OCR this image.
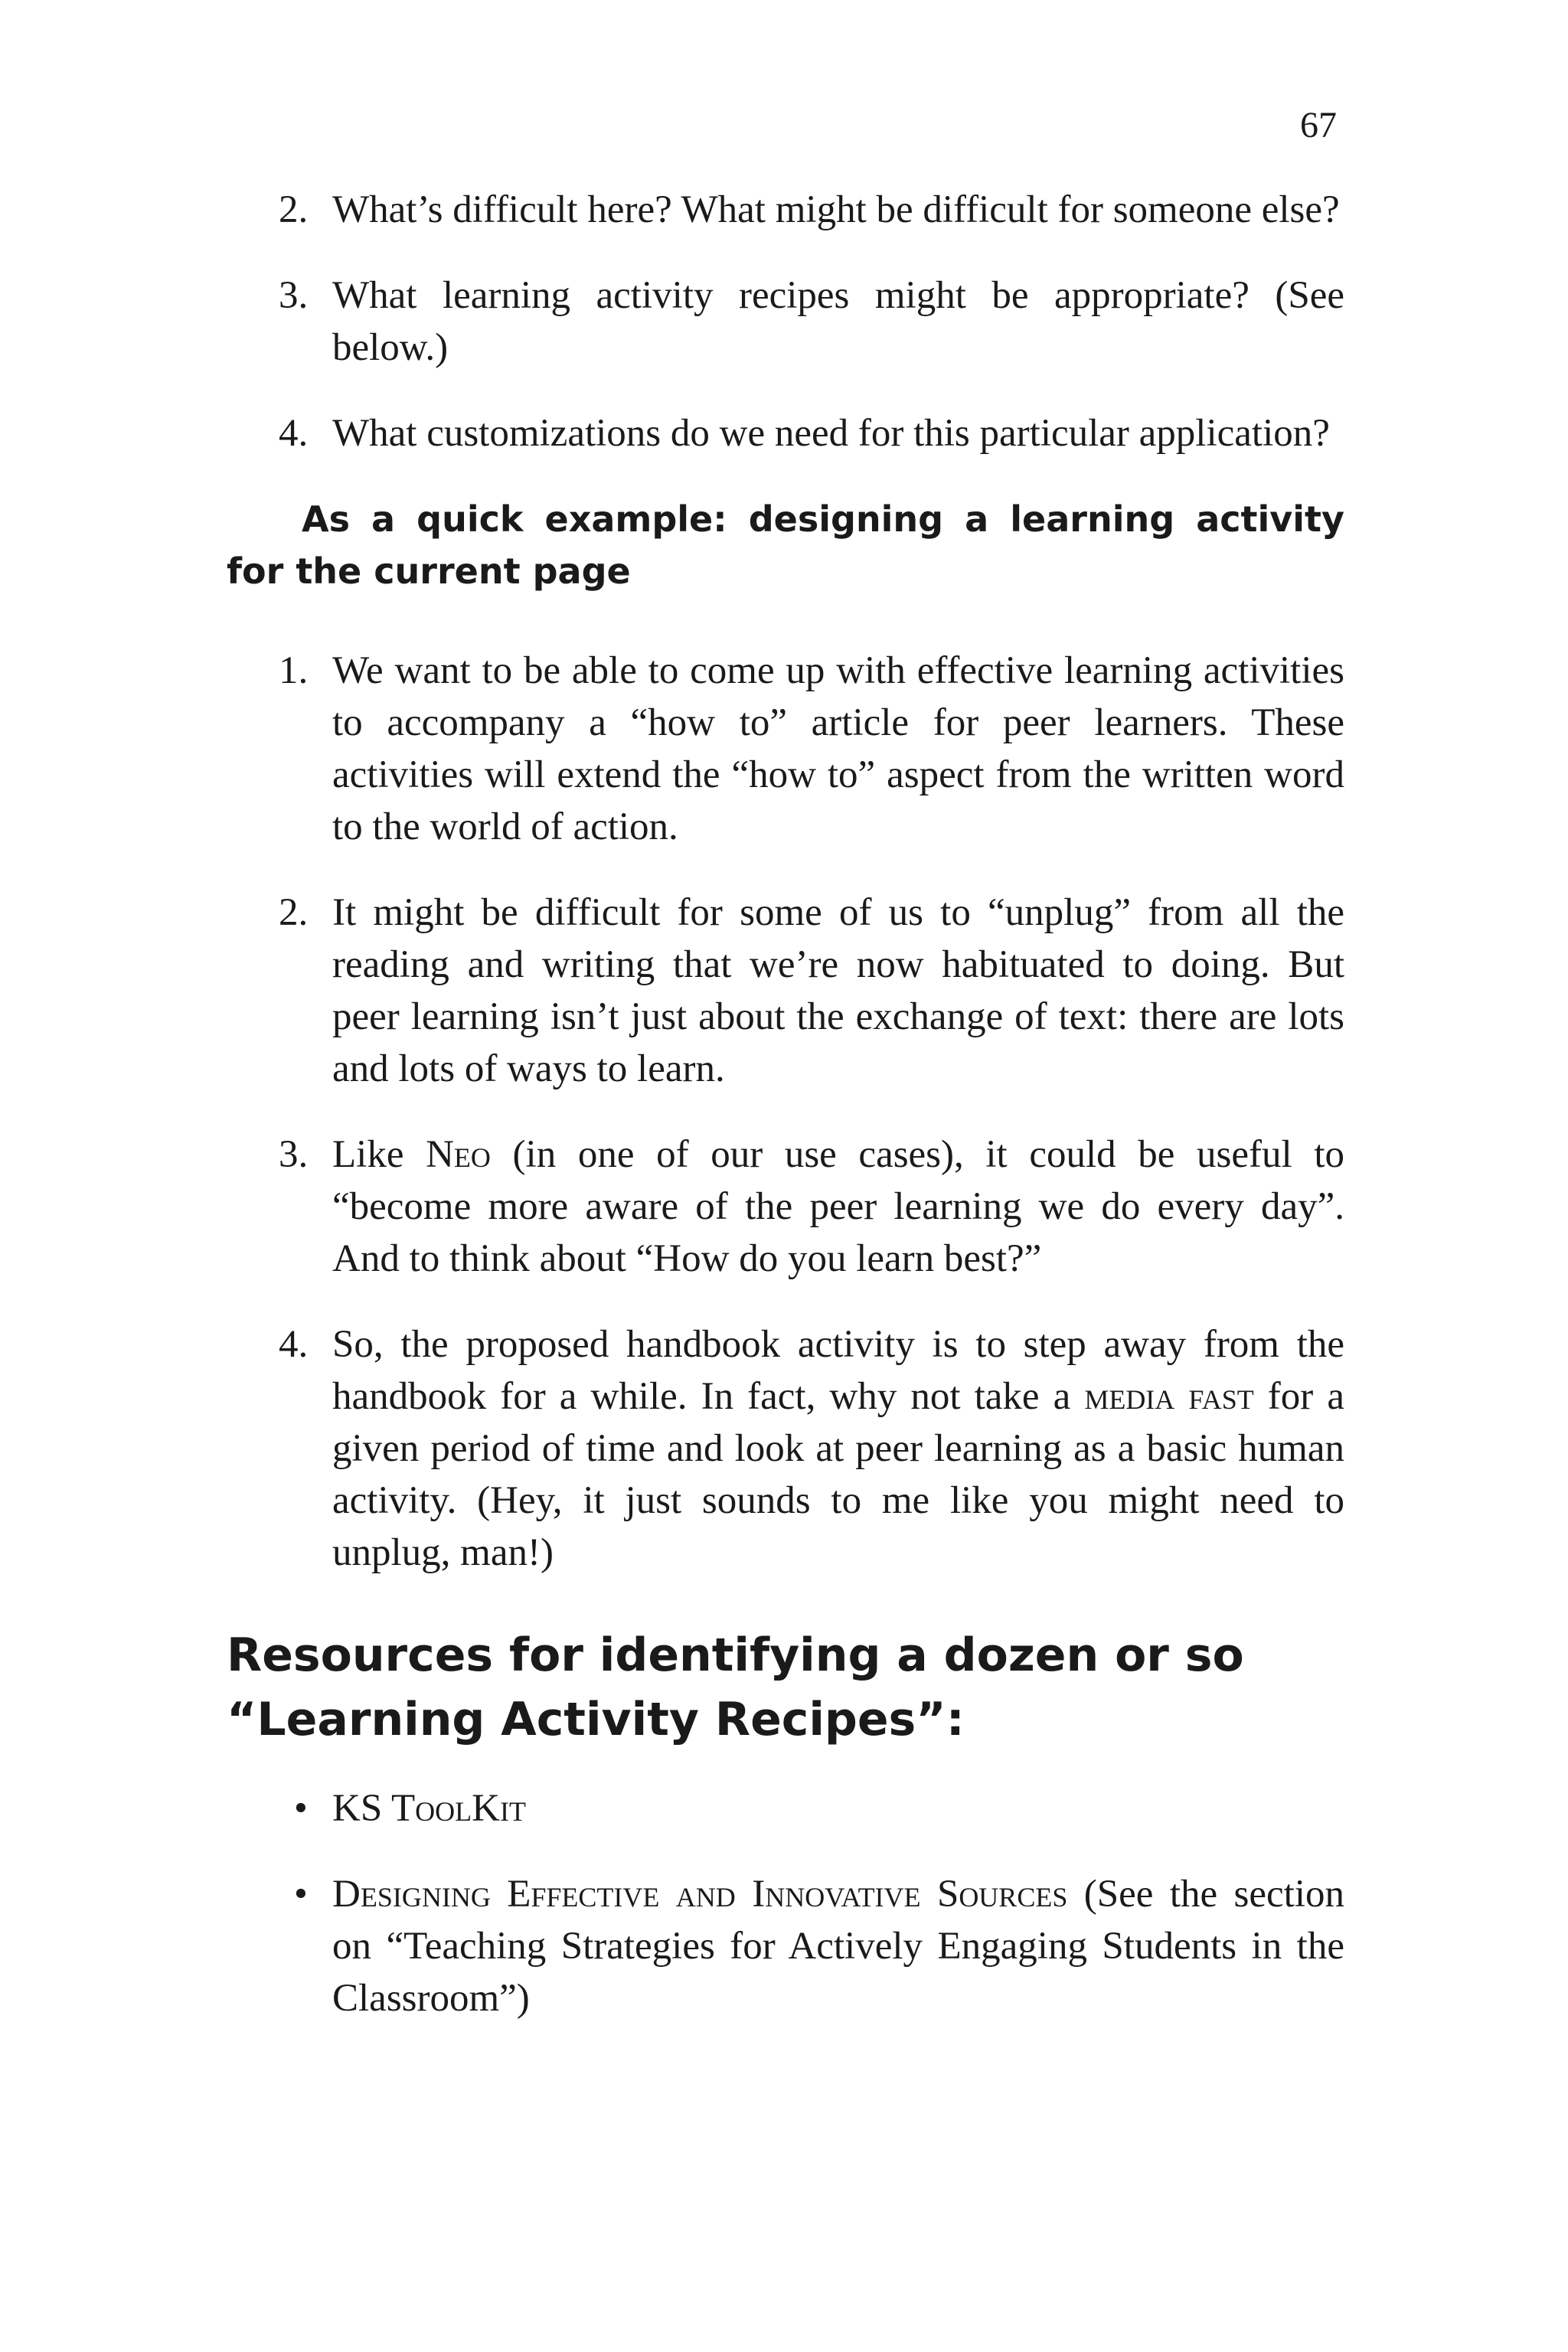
67
2. What’s difficult here? What might be difficult for someone else?
3. What learning activity recipes might be appropriate? (See below.)
4. What customizations do we need for this particular application?
As a quick example: designing a learning activity for the current page
1. We want to be able to come up with effective learning activities to accompany a “how to” article for peer learners. These activities will extend the “how to” aspect from the written word to the world of action.
2. It might be difficult for some of us to “unplug” from all the reading and writing that we’re now habituated to doing. But peer learning isn’t just about the exchange of text: there are lots and lots of ways to learn.
3. Like Neo (in one of our use cases), it could be useful to “become more aware of the peer learning we do every day”. And to think about “How do you learn best?”
4. So, the proposed handbook activity is to step away from the handbook for a while. In fact, why not take a media fast for a given period of time and look at peer learning as a basic human activity. (Hey, it just sounds to me like you might need to unplug, man!)
Resources for identifying a dozen or so “Learning Activity Recipes”:
• KS ToolKit
• Designing Effective and Innovative Sources (See the section on “Teaching Strategies for Actively Engaging Students in the Classroom”)
